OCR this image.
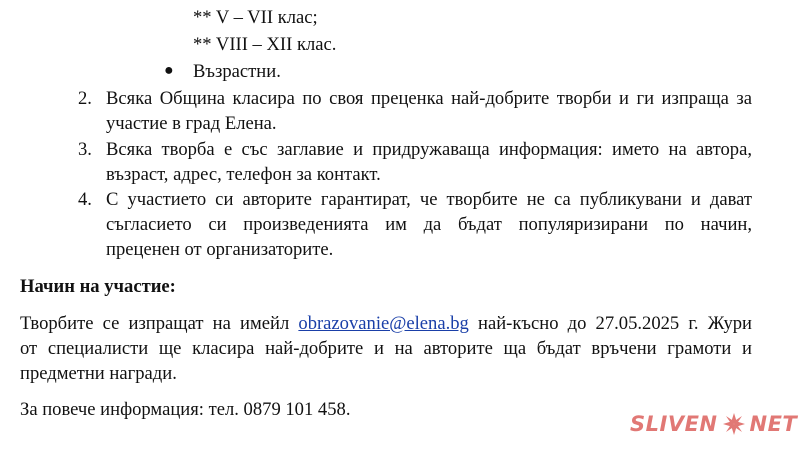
** V – VII клас;
** VIII – XII клас.
● Възрастни.
2. Всяка Община класира по своя преценка най-добрите творби и ги изпраща за
участие в град Елена.
3. Всяка творба е със заглавие и придружаваща информация: името на автора,
възраст, адрес, телефон за контакт.
4. С участието си авторите гарантират, че творбите не са публикувани и дават
съгласието си произведенията им да бъдат популяризирани по начин,
преценен от организаторите.
Начин на участие:
Творбите се изпращат на имейл obrazovanie@elena.bg най-късно до 27.05.2025 г. Жури
от специалисти ще класира най-добрите и на авторите ща бъдат връчени грамоти и
предметни награди.
За повече информация: тел. 0879 101 458.
SLIVEN NET
